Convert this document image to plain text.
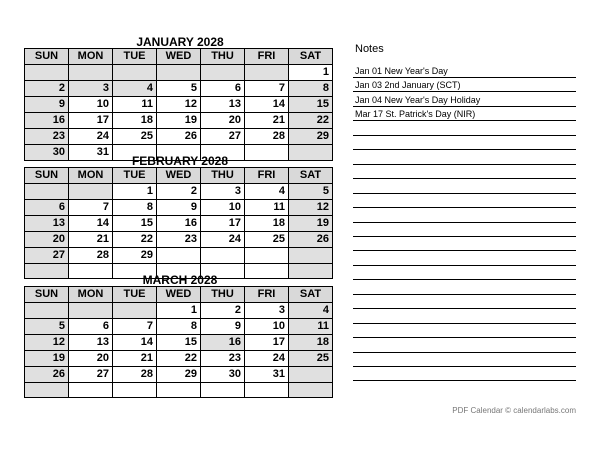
JANUARY 2028
SUN	MON	TUE	WED	THU	FRI	SAT
						1
2	3	4	5	6	7	8
9	10	11	12	13	14	15
16	17	18	19	20	21	22
23	24	25	26	27	28	29
30	31					
FEBRUARY 2028
SUN	MON	TUE	WED	THU	FRI	SAT
		1	2	3	4	5
6	7	8	9	10	11	12
13	14	15	16	17	18	19
20	21	22	23	24	25	26
27	28	29				

MARCH 2028
SUN	MON	TUE	WED	THU	FRI	SAT
			1	2	3	4
5	6	7	8	9	10	11
12	13	14	15	16	17	18
19	20	21	22	23	24	25
26	27	28	29	30	31	

Notes
Jan 01 New Year's Day
Jan 03 2nd January (SCT)
Jan 04 New Year's Day Holiday
Mar 17 St. Patrick's Day (NIR)
PDF Calendar © calendarlabs.com
